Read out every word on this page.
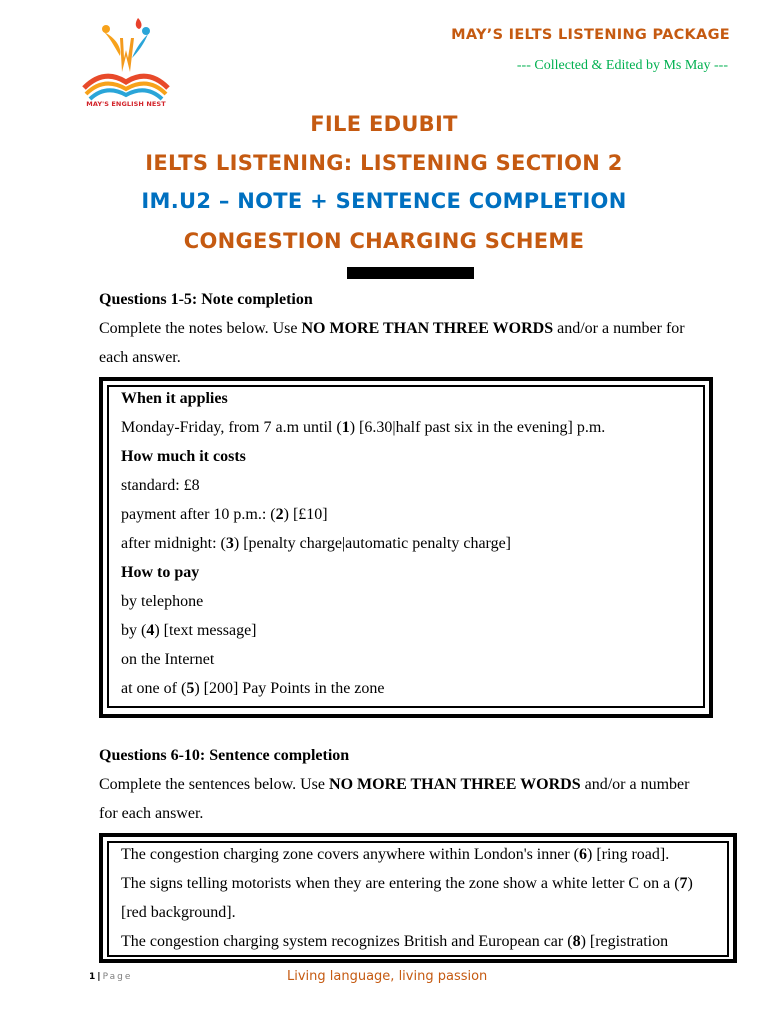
MAY'S ENGLISH NEST
MAY’S IELTS LISTENING PACKAGE
--- Collected & Edited by Ms May ---
FILE EDUBIT
IELTS LISTENING: LISTENING SECTION 2
IM.U2 – NOTE + SENTENCE COMPLETION
CONGESTION CHARGING SCHEME
Questions 1-5: Note completion
Complete the notes below. Use NO MORE THAN THREE WORDS and/or a number for
each answer.
When it applies
Monday-Friday, from 7 a.m until (1) [6.30|half past six in the evening] p.m.
How much it costs
standard: £8
payment after 10 p.m.: (2) [£10]
after midnight: (3) [penalty charge|automatic penalty charge]
How to pay
by telephone
by (4) [text message]
on the Internet
at one of (5) [200] Pay Points in the zone
Questions 6-10: Sentence completion
Complete the sentences below. Use NO MORE THAN THREE WORDS and/or a number
for each answer.
The congestion charging zone covers anywhere within London's inner (6) [ring road].
The signs telling motorists when they are entering the zone show a white letter C on a (7)
[red background].
The congestion charging system recognizes British and European car (8) [registration
1 | Page	Living language, living passion
